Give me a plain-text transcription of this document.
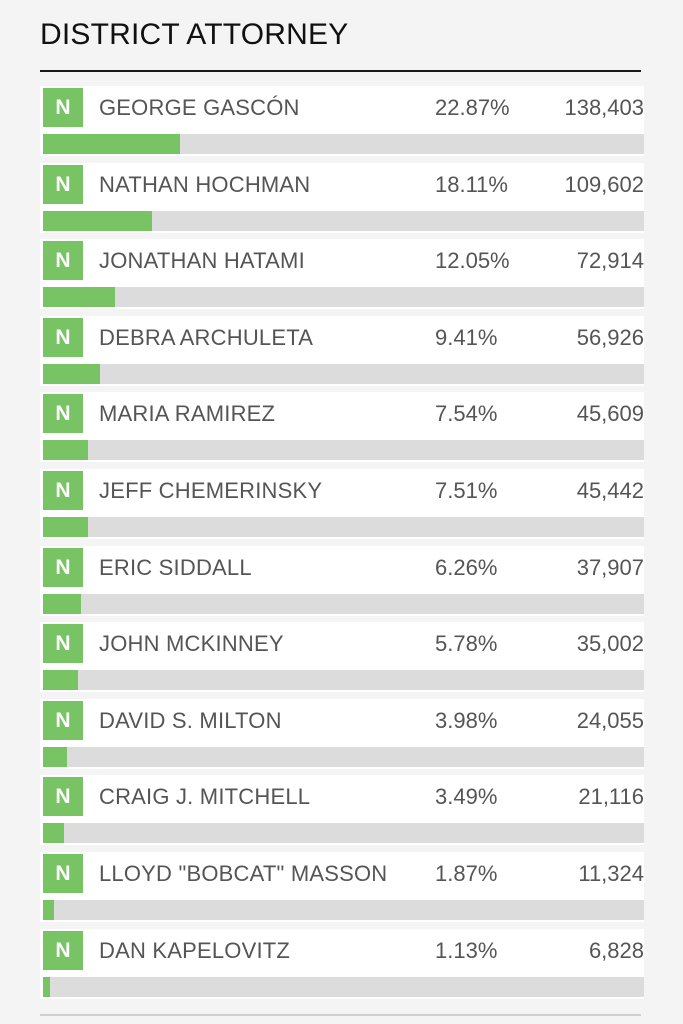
DISTRICT ATTORNEY
N	GEORGE GASCÓN	22.87% 138,403
N	NATHAN HOCHMAN	18.11%	109,602
N	JONATHAN HATAMI	12.05%	72,914
N	DEBRA ARCHULETA	9.41%	56,926
N	MARIA RAMIREZ	7.54%	45,609
N	JEFF CHEMERINSKY	7.51%	45,442
N	ERIC SIDDALL	6.26%	37,907
N	JOHN MCKINNEY	5.78%	35,002
N	DAVID S. MILTON	3.98%	24,055
N	CRAIG J. MITCHELL	3.49%	21,116
N	LLOYD "BOBCAT" MASSON 1.87%	11,324
N	DAN KAPELOVITZ	1.13%	6,828
